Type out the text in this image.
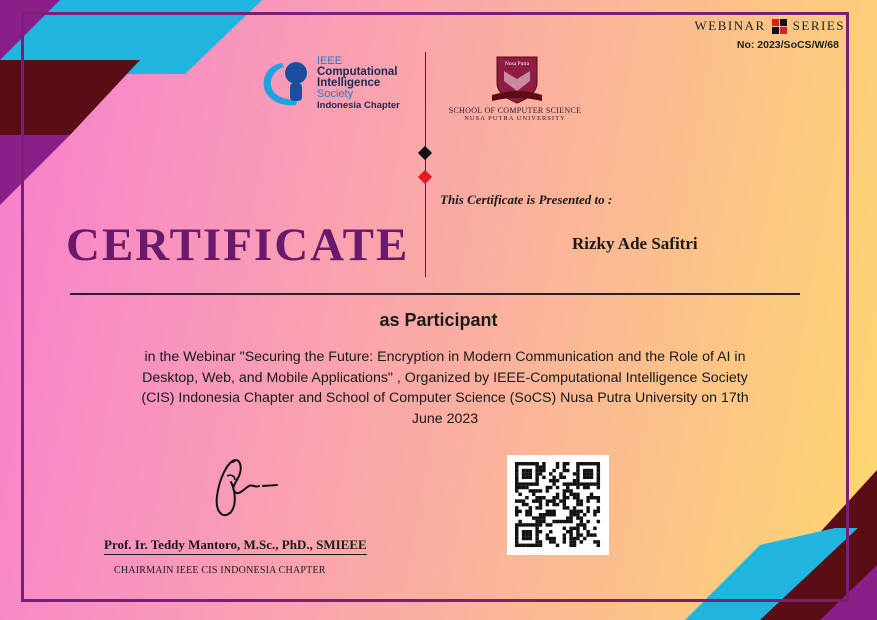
WEBINAR SERIES
No: 2023/SoCS/W/68
IEEE
Computational
Intelligence
Society
Indonesia Chapter
Nusa Putra
SCHOOL OF COMPUTER SCIENCE
NUSA PUTRA UNIVERSITY
This Certificate is Presented to :
CERTIFICATE	Rizky Ade Safitri
as Participant
in the Webinar "Securing the Future: Encryption in Modern Communication and the Role of AI in Desktop, Web, and Mobile Applications" , Organized by IEEE-Computational Intelligence Society (CIS) Indonesia Chapter and School of Computer Science (SoCS) Nusa Putra University on 17th June 2023
Prof. Ir. Teddy Mantoro, M.Sc., PhD., SMIEEE
CHAIRMAIN IEEE CIS INDONESIA CHAPTER
